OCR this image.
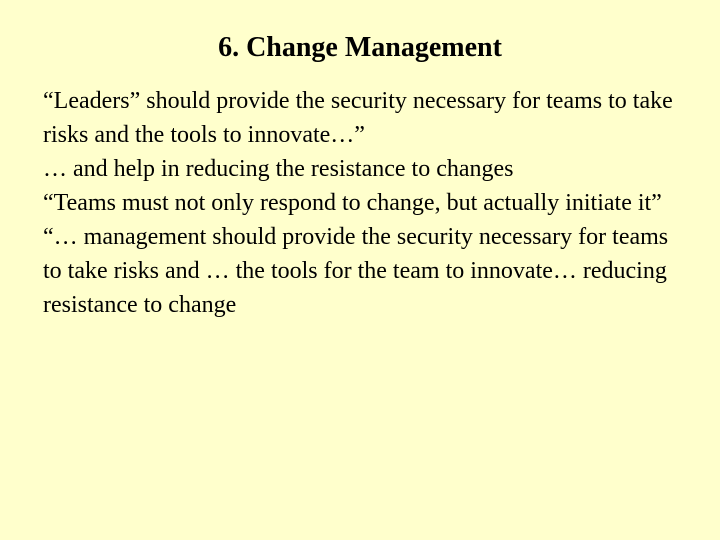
6. Change Management

“Leaders” should provide the security necessary for teams to take risks and the tools to innovate…”

… and help in reducing the resistance to changes

“Teams must not only respond to change, but actually initiate it”

“… management should provide the security necessary for teams to take risks and … the tools for the team to innovate… reducing resistance to change
